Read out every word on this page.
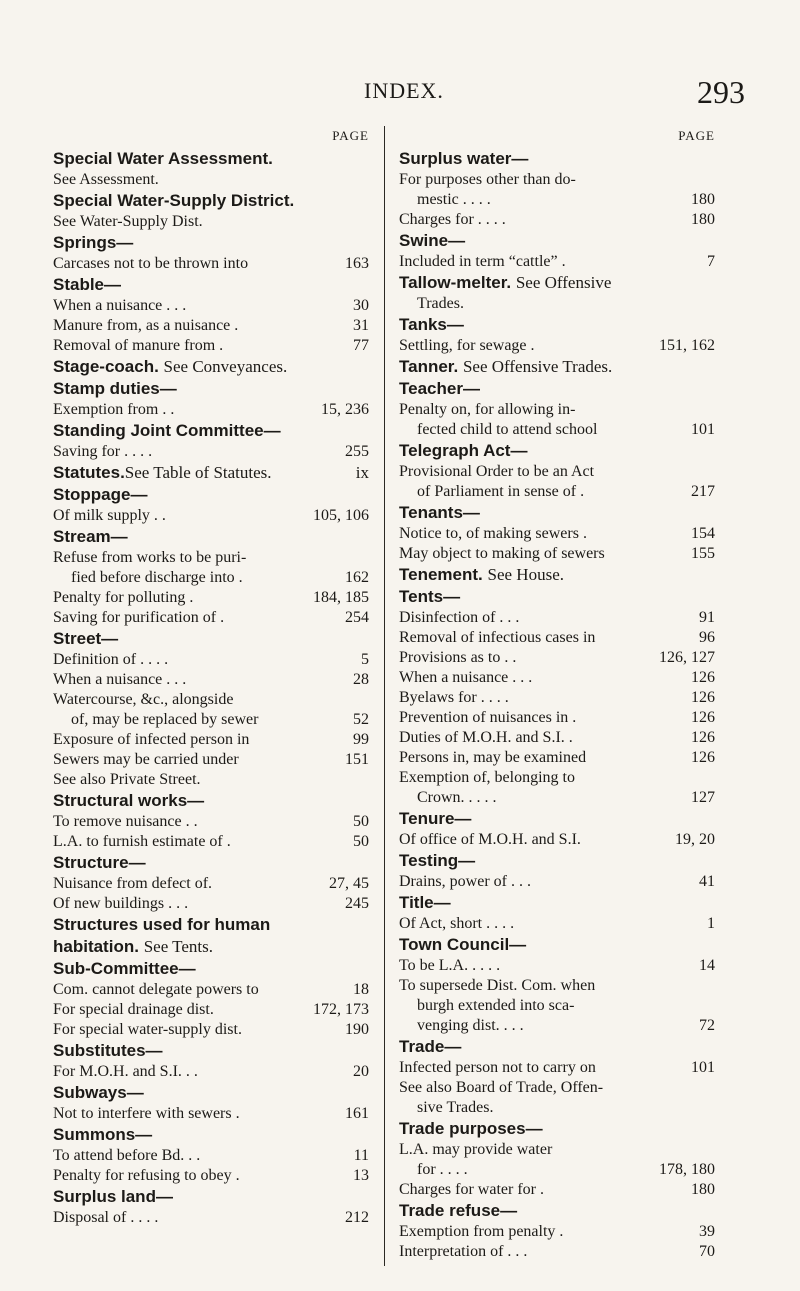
INDEX.	293
PAGE
Special Water Assessment.
See Assessment.
Special Water-Supply District.
See Water-Supply Dist.
Springs—
Carcases not to be thrown into	163
Stable—
When a nuisance . . .	30
Manure from, as a nuisance .	31
Removal of manure from .	77
Stage-coach. See Conveyances.
Stamp duties—
Exemption from . .	15, 236
Standing Joint Committee—
Saving for . . . .	255
Statutes. See Table of Statutes.	ix
Stoppage—
Of milk supply . .	105, 106
Stream—
Refuse from works to be puri-
fied before discharge into .	162
Penalty for polluting .	184, 185
Saving for purification of .	254
Street—
Definition of . . . .	5
When a nuisance . . .	28
Watercourse, &c., alongside
of, may be replaced by sewer	52
Exposure of infected person in	99
Sewers may be carried under	151
See also Private Street.
Structural works—
To remove nuisance . .	50
L.A. to furnish estimate of .	50
Structure—
Nuisance from defect of.	27, 45
Of new buildings . . .	245
Structures used for human
habitation. See Tents.
Sub-Committee—
Com. cannot delegate powers to	18
For special drainage dist.	172, 173
For special water-supply dist.	190
Substitutes—
For M.O.H. and S.I. . .	20
Subways—
Not to interfere with sewers .	161
Summons—
To attend before Bd. . .	11
Penalty for refusing to obey .	13
Surplus land—
Disposal of . . . .	212
PAGE
Surplus water—
For purposes other than do-
mestic . . . .	180
Charges for . . . .	180
Swine—
Included in term “cattle” .	7
Tallow-melter. See Offensive
Trades.
Tanks—
Settling, for sewage .	151, 162
Tanner. See Offensive Trades.
Teacher—
Penalty on, for allowing in-
fected child to attend school	101
Telegraph Act—
Provisional Order to be an Act
of Parliament in sense of .	217
Tenants—
Notice to, of making sewers .	154
May object to making of sewers	155
Tenement. See House.
Tents—
Disinfection of . . .	91
Removal of infectious cases in	96
Provisions as to . .	126, 127
When a nuisance . . .	126
Byelaws for . . . .	126
Prevention of nuisances in .	126
Duties of M.O.H. and S.I. .	126
Persons in, may be examined	126
Exemption of, belonging to
Crown. . . . .	127
Tenure—
Of office of M.O.H. and S.I.	19, 20
Testing—
Drains, power of . . .	41
Title—
Of Act, short . . . .	1
Town Council—
To be L.A. . . . .	14
To supersede Dist. Com. when
burgh extended into sca-
venging dist. . . .	72
Trade—
Infected person not to carry on	101
See also Board of Trade, Offen-
sive Trades.
Trade purposes—
L.A. may provide water
for . . . .	178, 180
Charges for water for .	180
Trade refuse—
Exemption from penalty .	39
Interpretation of . . .	70
